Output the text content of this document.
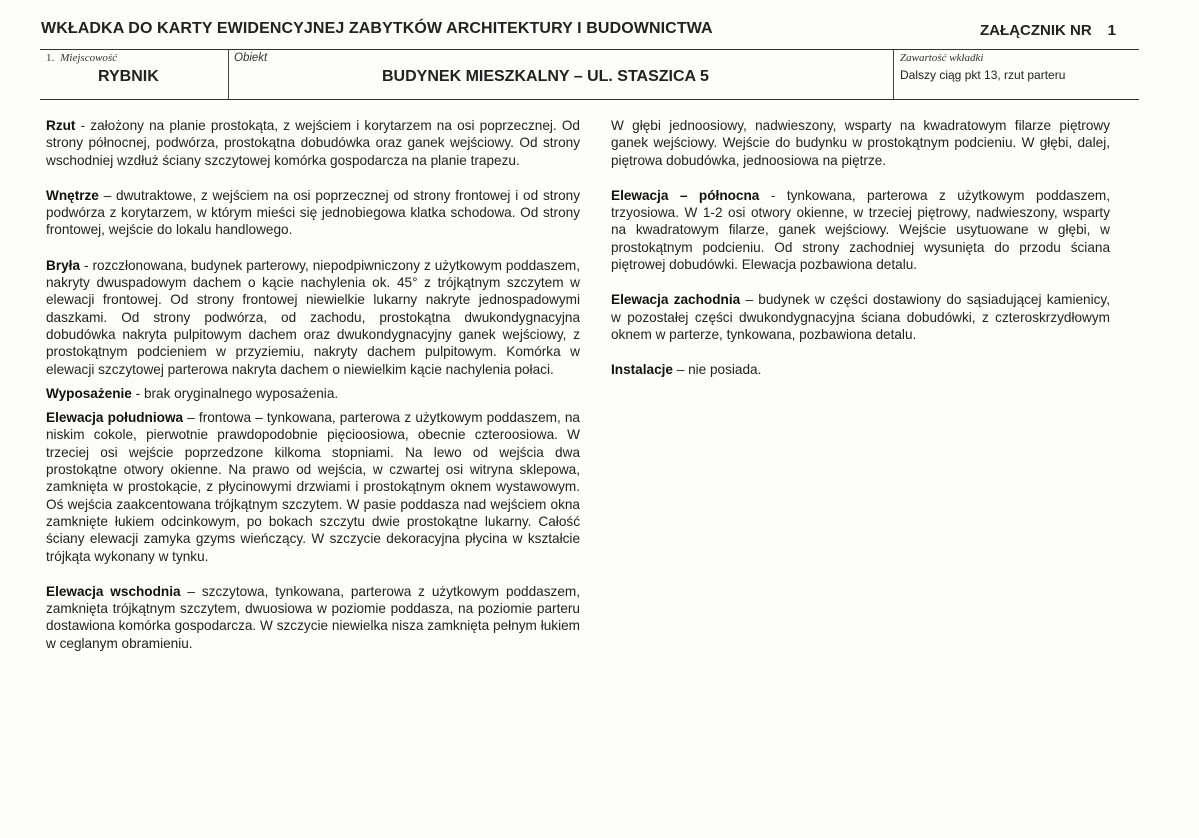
WKŁADKA DO KARTY EWIDENCYJNEJ ZABYTKÓW ARCHITEKTURY I BUDOWNICTWA	ZAŁĄCZNIK NR 1
1. Miejscowość
RYBNIK
Obiekt
BUDYNEK MIESZKALNY – UL. STASZICA 5
Zawartość wkładki
Dalszy ciąg pkt 13, rzut parteru

Rzut - założony na planie prostokąta, z wejściem i korytarzem na osi poprzecznej. Od strony północnej, podwórza, prostokątna dobudówka oraz ganek wejściowy. Od strony wschodniej wzdłuż ściany szczytowej komórka gospodarcza na planie trapezu.

Wnętrze – dwutraktowe, z wejściem na osi poprzecznej od strony frontowej i od strony podwórza z korytarzem, w którym mieści się jednobiegowa klatka schodowa. Od strony frontowej, wejście do lokalu handlowego.

Bryła - rozczłonowana, budynek parterowy, niepodpiwniczony z użytkowym poddaszem, nakryty dwuspadowym dachem o kącie nachylenia ok. 45° z trójkątnym szczytem w elewacji frontowej. Od strony frontowej niewielkie lukarny nakryte jednospadowymi daszkami. Od strony podwórza, od zachodu, prostokątna dwukondygnacyjna dobudówka nakryta pulpitowym dachem oraz dwukondygnacyjny ganek wejściowy, z prostokątnym podcieniem w przyziemiu, nakryty dachem pulpitowym. Komórka w elewacji szczytowej parterowa nakryta dachem o niewielkim kącie nachylenia połaci.

Wyposażenie - brak oryginalnego wyposażenia.

Elewacja południowa – frontowa – tynkowana, parterowa z użytkowym poddaszem, na niskim cokole, pierwotnie prawdopodobnie pięcioosiowa, obecnie czteroosiowa. W trzeciej osi wejście poprzedzone kilkoma stopniami. Na lewo od wejścia dwa prostokątne otwory okienne. Na prawo od wejścia, w czwartej osi witryna sklepowa, zamknięta w prostokącie, z płycinowymi drzwiami i prostokątnym oknem wystawowym. Oś wejścia zaakcentowana trójkątnym szczytem. W pasie poddasza nad wejściem okna zamknięte łukiem odcinkowym, po bokach szczytu dwie prostokątne lukarny. Całość ściany elewacji zamyka gzyms wieńczący. W szczycie dekoracyjna płycina w kształcie trójkąta wykonany w tynku.

Elewacja wschodnia – szczytowa, tynkowana, parterowa z użytkowym poddaszem, zamknięta trójkątnym szczytem, dwuosiowa w poziomie poddasza, na poziomie parteru dostawiona komórka gospodarcza. W szczycie niewielka nisza zamknięta pełnym łukiem w ceglanym obramieniu.

W głębi jednoosiowy, nadwieszony, wsparty na kwadratowym filarze piętrowy ganek wejściowy. Wejście do budynku w prostokątnym podcieniu. W głębi, dalej, piętrowa dobudówka, jednoosiowa na piętrze.

Elewacja – północna - tynkowana, parterowa z użytkowym poddaszem, trzyosiowa. W 1-2 osi otwory okienne, w trzeciej piętrowy, nadwieszony, wsparty na kwadratowym filarze, ganek wejściowy. Wejście usytuowane w głębi, w prostokątnym podcieniu. Od strony zachodniej wysunięta do przodu ściana piętrowej dobudówki. Elewacja pozbawiona detalu.

Elewacja zachodnia – budynek w części dostawiony do sąsiadującej kamienicy, w pozostałej części dwukondygnacyjna ściana dobudówki, z czteroskrzydłowym oknem w parterze, tynkowana, pozbawiona detalu.

Instalacje – nie posiada.
